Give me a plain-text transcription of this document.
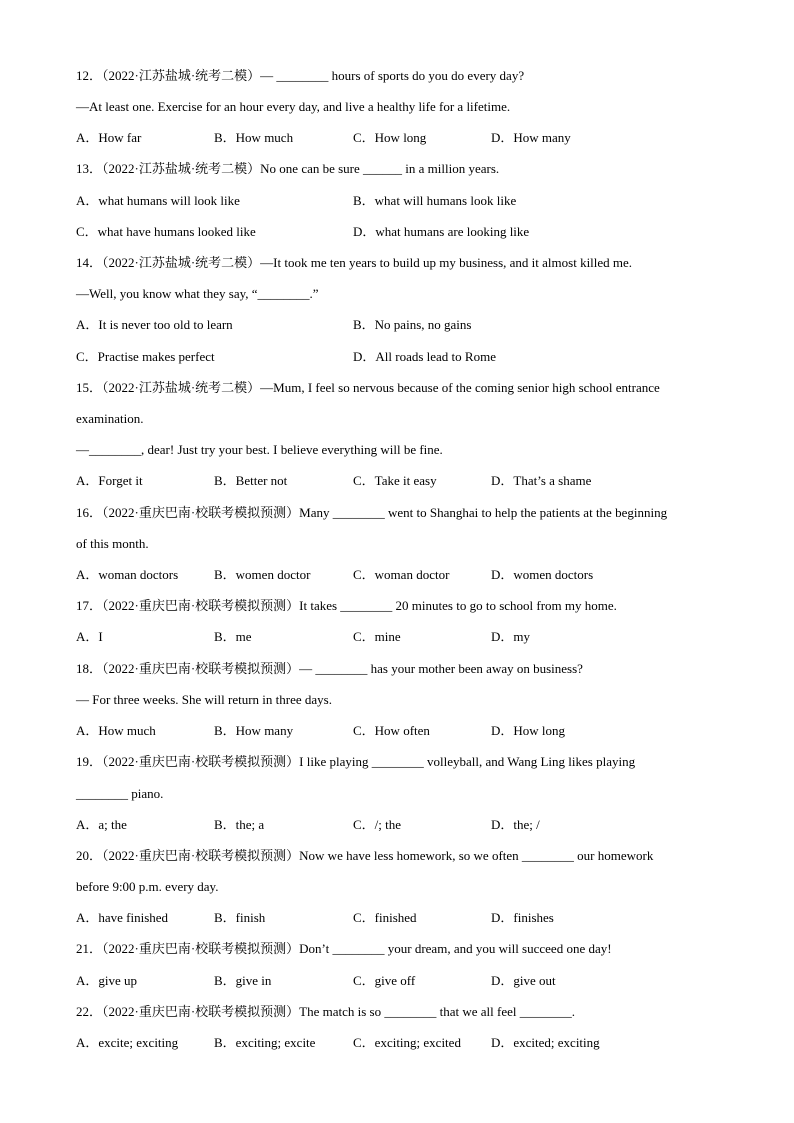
12．（2022·江苏盐城·统考二模）— ________ hours of sports do you do every day?
—At least one. Exercise for an hour every day, and live a healthy life for a lifetime.
A．How far	B．How much	C．How long	D．How many
13．（2022·江苏盐城·统考二模）No one can be sure ______ in a million years.
A．what humans will look like	B．what will humans look like
C．what have humans looked like	D．what humans are looking like
14．（2022·江苏盐城·统考二模）—It took me ten years to build up my business, and it almost killed me.
—Well, you know what they say, “________.”
A．It is never too old to learn	B．No pains, no gains
C．Practise makes perfect	D．All roads lead to Rome
15．（2022·江苏盐城·统考二模）—Mum, I feel so nervous because of the coming senior high school entrance
examination.
—________, dear! Just try your best. I believe everything will be fine.
A．Forget it	B．Better not	C．Take it easy	D．That’s a shame
16．（2022·重庆巴南·校联考模拟预测）Many ________ went to Shanghai to help the patients at the beginning
of this month.
A．woman doctors	B．women doctor	C．woman doctor	D．women doctors
17．（2022·重庆巴南·校联考模拟预测）It takes ________ 20 minutes to go to school from my home.
A．I	B．me	C．mine	D．my
18．（2022·重庆巴南·校联考模拟预测）— ________ has your mother been away on business?
— For three weeks. She will return in three days.
A．How much	B．How many	C．How often	D．How long
19．（2022·重庆巴南·校联考模拟预测）I like playing ________ volleyball, and Wang Ling likes playing
________ piano.
A．a; the	B．the; a	C．/; the	D．the; /
20．（2022·重庆巴南·校联考模拟预测）Now we have less homework, so we often ________ our homework
before 9:00 p.m. every day.
A．have finished	B．finish	C．finished	D．finishes
21．（2022·重庆巴南·校联考模拟预测）Don’t ________ your dream, and you will succeed one day!
A．give up	B．give in	C．give off	D．give out
22．（2022·重庆巴南·校联考模拟预测）The match is so ________ that we all feel ________.
A．excite; exciting	B．exciting; excite	C．exciting; excited D．excited; exciting
